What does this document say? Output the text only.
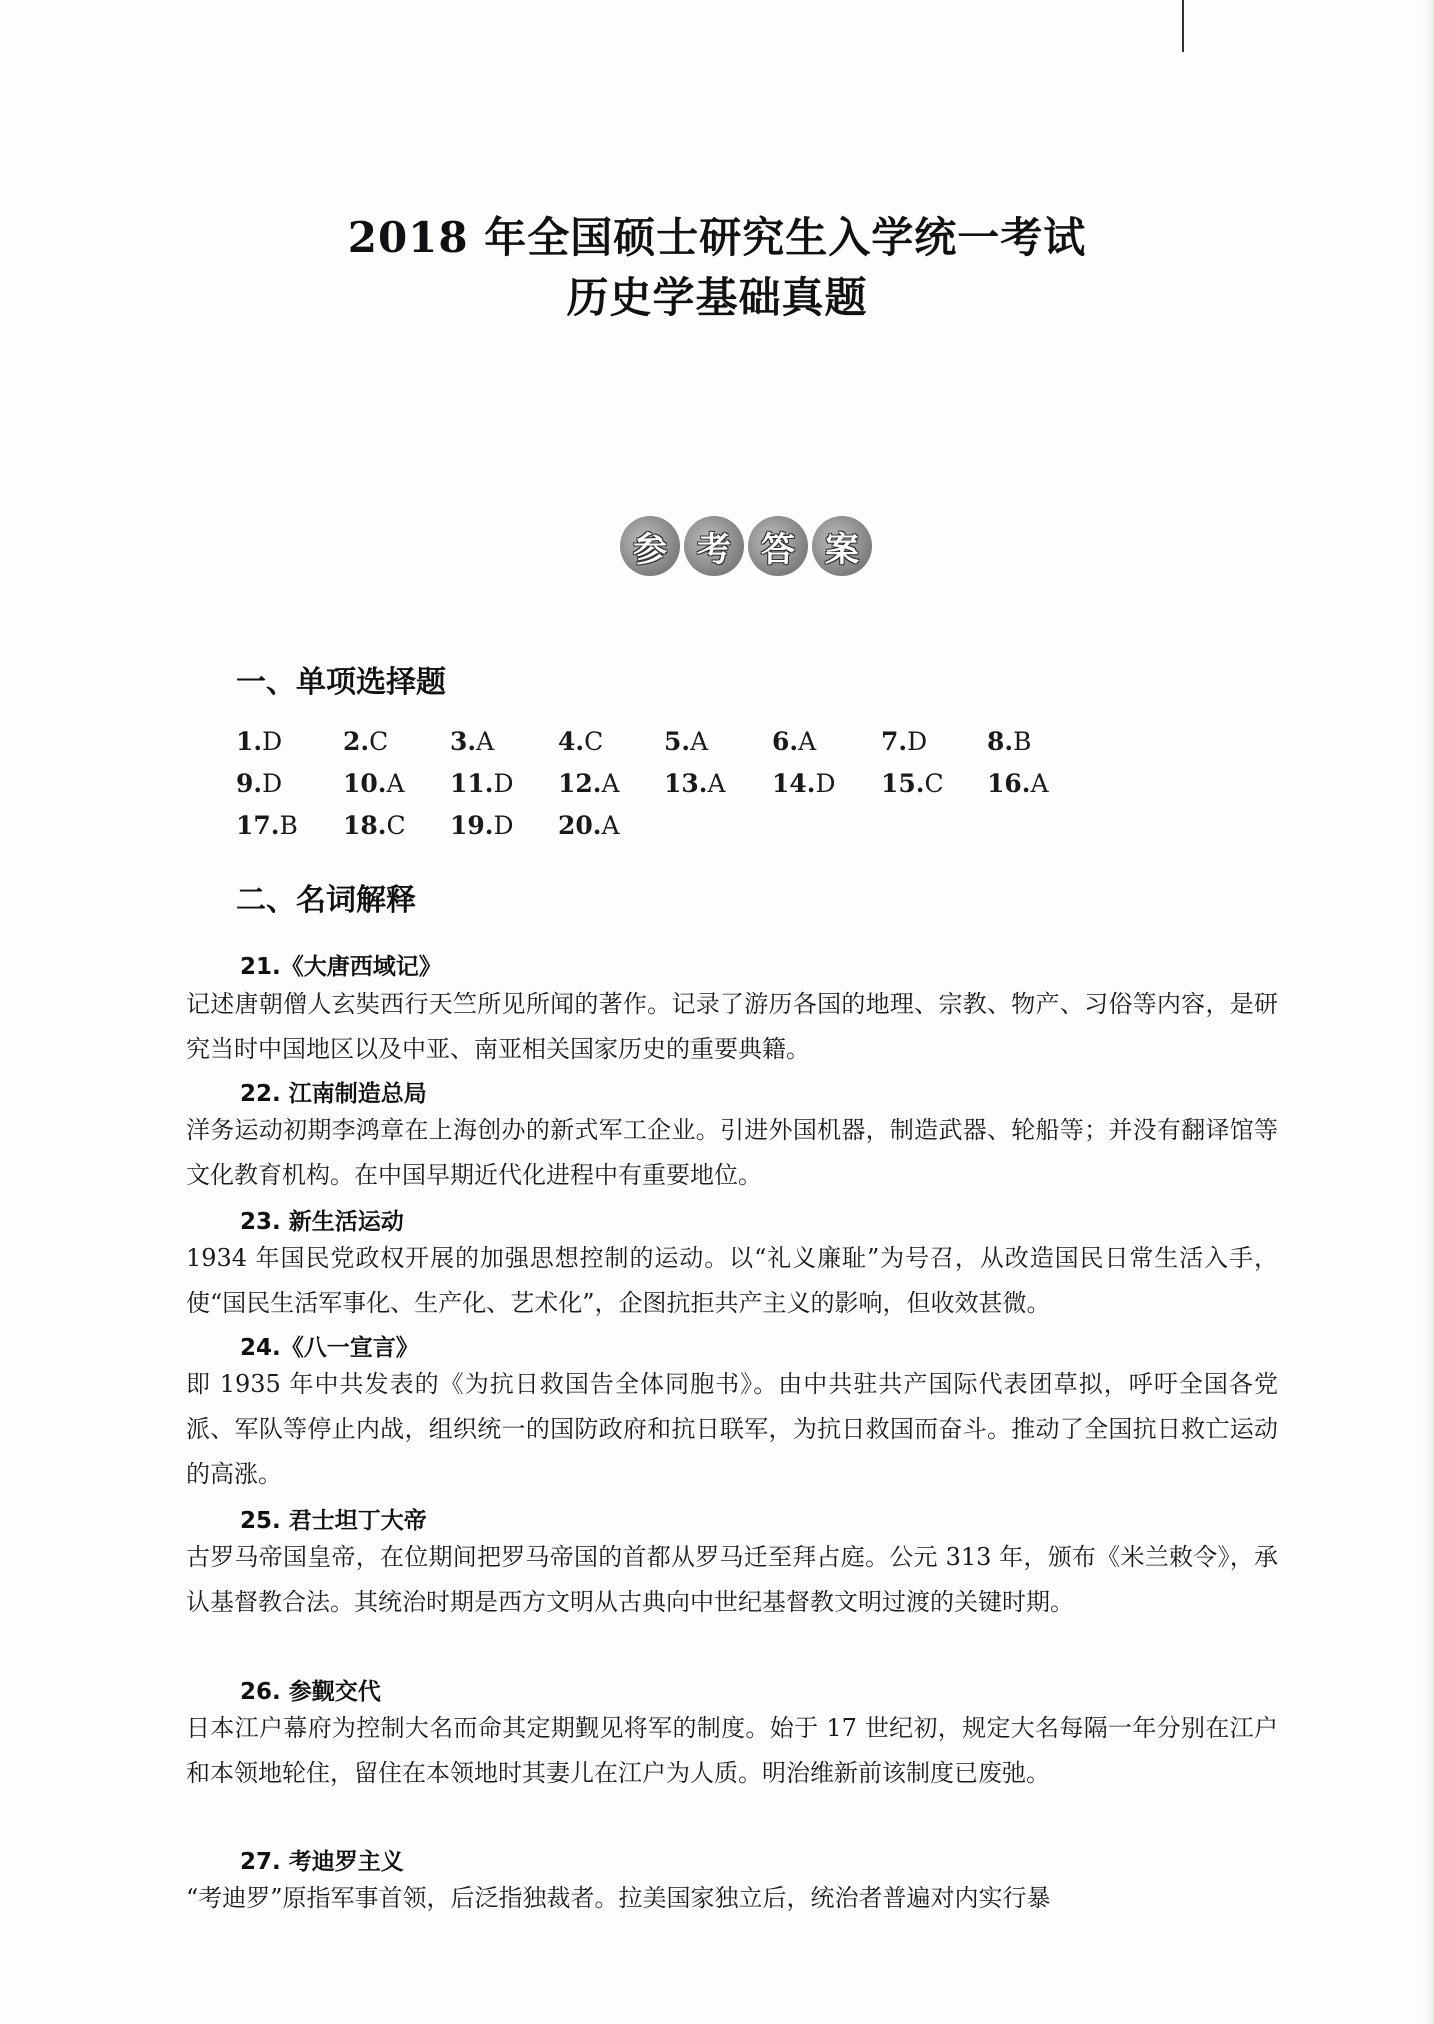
2018 年全国硕士研究生入学统一考试
历史学基础真题
参 考 答 案
一、单项选择题
1.D 2.C 3.A	4.C 5.A	6.A	7.D 8.B
9.D 10.A 11.D 12.A 13.A 14.D 15.C 16.A
17.B 18.C 19.D 20.A
二、名词解释
21.《大唐西域记》
记述唐朝僧人玄奘西行天竺所见所闻的著作。记录了游历各国的地理、宗教、物产、习俗等内容，是研究当时中国地区以及中亚、南亚相关国家历史的重要典籍。
22. 江南制造总局
洋务运动初期李鸿章在上海创办的新式军工企业。引进外国机器，制造武器、轮船等；并没有翻译馆等文化教育机构。在中国早期近代化进程中有重要地位。
23. 新生活运动
1934 年国民党政权开展的加强思想控制的运动。以“礼义廉耻”为号召，从改造国民日常生活入手，使“国民生活军事化、生产化、艺术化”，企图抗拒共产主义的影响，但收效甚微。
24.《八一宣言》
即 1935 年中共发表的《为抗日救国告全体同胞书》。由中共驻共产国际代表团草拟，呼吁全国各党派、军队等停止内战，组织统一的国防政府和抗日联军，为抗日救国而奋斗。推动了全国抗日救亡运动的高涨。
25. 君士坦丁大帝
古罗马帝国皇帝，在位期间把罗马帝国的首都从罗马迁至拜占庭。公元 313 年，颁布《米兰敕令》，承认基督教合法。其统治时期是西方文明从古典向中世纪基督教文明过渡的关键时期。
26. 参觐交代
日本江户幕府为控制大名而命其定期觐见将军的制度。始于 17 世纪初，规定大名每隔一年分别在江户和本领地轮住，留住在本领地时其妻儿在江户为人质。明治维新前该制度已废弛。
27. 考迪罗主义
“考迪罗”原指军事首领，后泛指独裁者。拉美国家独立后，统治者普遍对内实行暴
